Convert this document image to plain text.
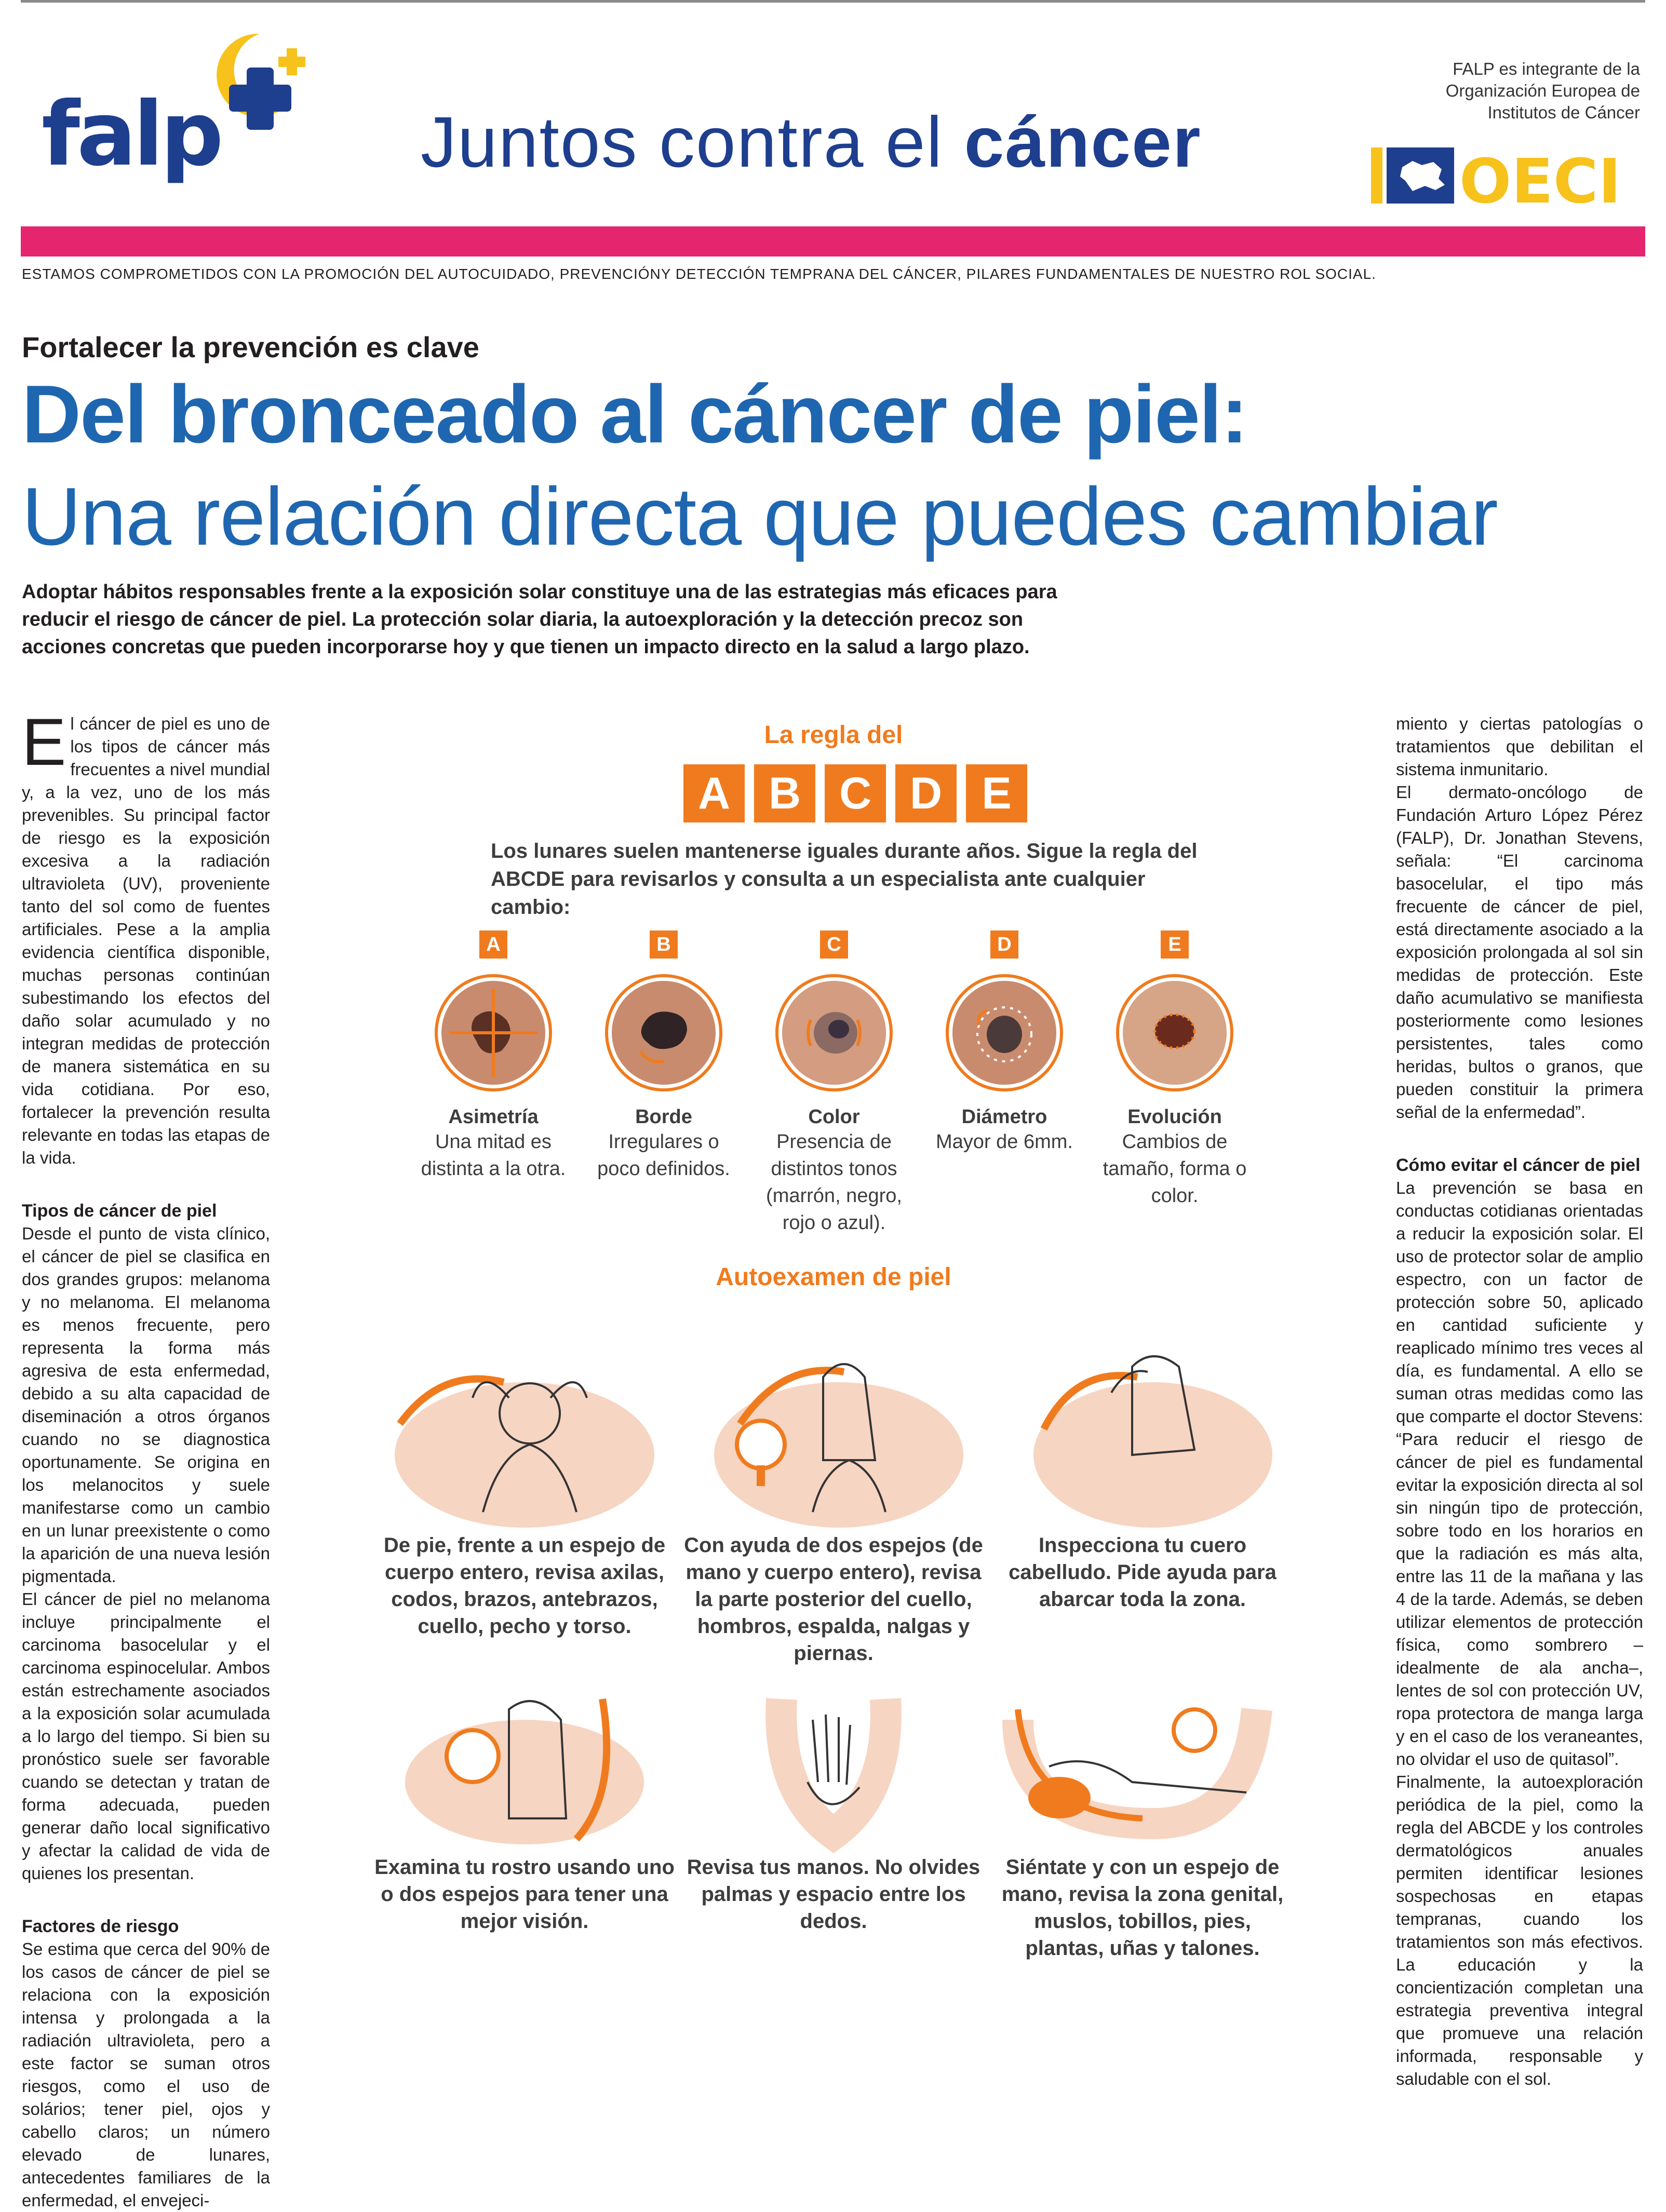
falp	Juntos contra el cáncer
FALP es integrante de la Organización Europea de Institutos de Cáncer
OECI
ESTAMOS COMPROMETIDOS CON LA PROMOCIÓN DEL AUTOCUIDADO, PREVENCIÓNY DETECCIÓN TEMPRANA DEL CÁNCER, PILARES FUNDAMENTALES DE NUESTRO ROL SOCIAL.
Fortalecer la prevención es clave
Del bronceado al cáncer de piel:
Una relación directa que puedes cambiar
Adoptar hábitos responsables frente a la exposición solar constituye una de las estrategias más eficaces para reducir el riesgo de cáncer de piel. La protección solar diaria, la autoexploración y la detección precoz son acciones concretas que pueden incorporarse hoy y que tienen un impacto directo en la salud a largo plazo.

El cáncer de piel es uno de los tipos de cáncer más frecuentes a nivel mundial y, a la vez, uno de los más prevenibles. Su principal factor de riesgo es la exposición excesiva a la radiación ultravioleta (UV), proveniente tanto del sol como de fuentes artificiales. Pese a la amplia evidencia científica disponible, muchas personas continúan subestimando los efectos del daño solar acumulado y no integran medidas de protección de manera sistemática en su vida cotidiana. Por eso, fortalecer la prevención resulta relevante en todas las etapas de la vida.

Tipos de cáncer de piel

Desde el punto de vista clínico, el cáncer de piel se clasifica en dos grandes grupos: melanoma y no melanoma. El melanoma es menos frecuente, pero representa la forma más agresiva de esta enfermedad, debido a su alta capacidad de diseminación a otros órganos cuando no se diagnostica oportunamente. Se origina en los melanocitos y suele manifestarse como un cambio en un lunar preexistente o como la aparición de una nueva lesión pigmentada.

El cáncer de piel no melanoma incluye principalmente el carcinoma basocelular y el carcinoma espinocelular. Ambos están estrechamente asociados a la exposición solar acumulada a lo largo del tiempo. Si bien su pronóstico suele ser favorable cuando se detectan y tratan de forma adecuada, pueden generar daño local significativo y afectar la calidad de vida de quienes los presentan.

Factores de riesgo

Se estima que cerca del 90% de los casos de cáncer de piel se relaciona con la exposición intensa y prolongada a la radiación ultravioleta, pero a este factor se suman otros riesgos, como el uso de solários; tener piel, ojos y cabello claros; un número elevado de lunares, antecedentes familiares de la enfermedad, el envejeci-

miento y ciertas patologías o tratamientos que debilitan el sistema inmunitario.

El dermato-oncólogo de Fundación Arturo López Pérez (FALP), Dr. Jonathan Stevens, señala: “El carcinoma basocelular, el tipo más frecuente de cáncer de piel, está directamente asociado a la exposición prolongada al sol sin medidas de protección. Este daño acumulativo se manifiesta posteriormente como lesiones persistentes, tales como heridas, bultos o granos, que pueden constituir la primera señal de la enfermedad”.

Cómo evitar el cáncer de piel

La prevención se basa en conductas cotidianas orientadas a reducir la exposición solar. El uso de protector solar de amplio espectro, con un factor de protección sobre 50, aplicado en cantidad suficiente y reaplicado mínimo tres veces al día, es fundamental. A ello se suman otras medidas como las que comparte el doctor Stevens: “Para reducir el riesgo de cáncer de piel es fundamental evitar la exposición directa al sol sin ningún tipo de protección, sobre todo en los horarios en que la radiación es más alta, entre las 11 de la mañana y las 4 de la tarde. Además, se deben utilizar elementos de protección física, como sombrero –idealmente de ala ancha–, lentes de sol con protección UV, ropa protectora de manga larga y en el caso de los veraneantes, no olvidar el uso de quitasol”.

Finalmente, la autoexploración periódica de la piel, como la regla del ABCDE y los controles dermatológicos anuales permiten identificar lesiones sospechosas en etapas tempranas, cuando los tratamientos son más efectivos. La educación y la concientización completan una estrategia preventiva integral que promueve una relación informada, responsable y saludable con el sol.

La regla del
A B C D E
Los lunares suelen mantenerse iguales durante años. Sigue la regla del ABCDE para revisarlos y consulta a un especialista ante cualquier cambio:
A
Asimetría
Una mitad es distinta a la otra.
B
Borde
Irregulares o poco definidos.
C
Color
Presencia de distintos tonos (marrón, negro, rojo o azul).
D
Diámetro
Mayor de 6mm.
E
Evolución
Cambios de tamaño, forma o color.
Autoexamen de piel
De pie, frente a un espejo de cuerpo entero, revisa axilas, codos, brazos, antebrazos, cuello, pecho y torso.
Con ayuda de dos espejos (de mano y cuerpo entero), revisa la parte posterior del cuello, hombros, espalda, nalgas y piernas.
Inspecciona tu cuero cabelludo. Pide ayuda para abarcar toda la zona.
Examina tu rostro usando uno o dos espejos para tener una mejor visión.
Revisa tus manos. No olvides palmas y espacio entre los dedos.
Siéntate y con un espejo de mano, revisa la zona genital, muslos, tobillos, pies, plantas, uñas y talones.
